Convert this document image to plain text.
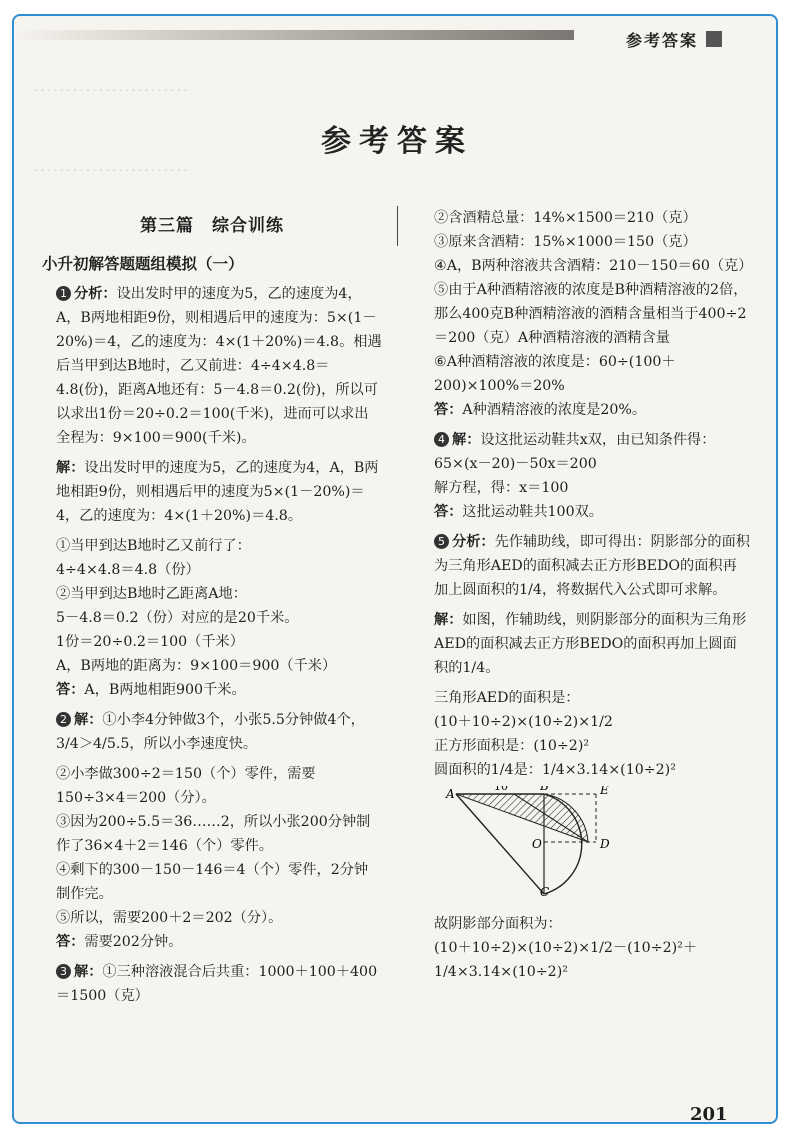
参考答案
．．．．．．．．．．．．．．．．．．．．．．．．
．．．．．．．．．．．．．．．．．．．．．．．．
参考答案
第三篇　综合训练
小升初解答题题组模拟（一）
1 分析：设出发时甲的速度为5，乙的速度为4，A，B两地相距9份，则相遇后甲的速度为：5×(1－20%)＝4，乙的速度为：4×(1＋20%)＝4.8。相遇后当甲到达B地时，乙又前进：4÷4×4.8＝4.8(份)，距离A地还有：5－4.8＝0.2(份)，所以可以求出1份＝20÷0.2＝100(千米)，进而可以求出全程为：9×100＝900(千米)。
解：设出发时甲的速度为5，乙的速度为4，A，B两地相距9份，则相遇后甲的速度为5×(1－20%)＝4，乙的速度为：4×(1＋20%)＝4.8。
①当甲到达B地时乙又前行了：
4÷4×4.8＝4.8（份）
②当甲到达B地时乙距离A地：
5－4.8＝0.2（份）对应的是20千米。
1份＝20÷0.2＝100（千米）
A，B两地的距离为：9×100＝900（千米）
答：A，B两地相距900千米。
2 解：①小李4分钟做3个，小张5.5分钟做4个，3/4＞4/5.5，所以小李速度快。
②小李做300÷2＝150（个）零件，需要150÷3×4＝200（分）。
③因为200÷5.5＝36……2，所以小张200分钟制作了36×4＋2＝146（个）零件。
④剩下的300－150－146＝4（个）零件，2分钟制作完。
⑤所以，需要200＋2＝202（分）。
答：需要202分钟。
3 解：①三种溶液混合后共重：1000＋100＋400＝1500（克）
②含酒精总量：14%×1500＝210（克）
③原来含酒精：15%×1000＝150（克）
④A，B两种溶液共含酒精：210－150＝60（克）
⑤由于A种酒精溶液的浓度是B种酒精溶液的2倍，那么400克B种酒精溶液的酒精含量相当于400÷2＝200（克）A种酒精溶液的酒精含量
⑥A种酒精溶液的浓度是：60÷(100＋200)×100%＝20%
答：A种酒精溶液的浓度是20%。
4 解：设这批运动鞋共x双，由已知条件得：
65×(x－20)－50x＝200
解方程，得：x＝100
答：这批运动鞋共100双。
5 分析：先作辅助线，即可得出：阴影部分的面积为三角形AED的面积减去正方形BEDO的面积再加上圆面积的1/4，将数据代入公式即可求解。
解：如图，作辅助线，则阴影部分的面积为三角形AED的面积减去正方形BEDO的面积再加上圆面积的1/4。
三角形AED的面积是：
(10＋10÷2)×(10÷2)×1/2
正方形面积是：(10÷2)²
圆面积的1/4是：1/4×3.14×(10÷2)²
A
B	E
O	D
C
10
故阴影部分面积为：
(10＋10÷2)×(10÷2)×1/2－(10÷2)²＋1/4×3.14×(10÷2)²
201
